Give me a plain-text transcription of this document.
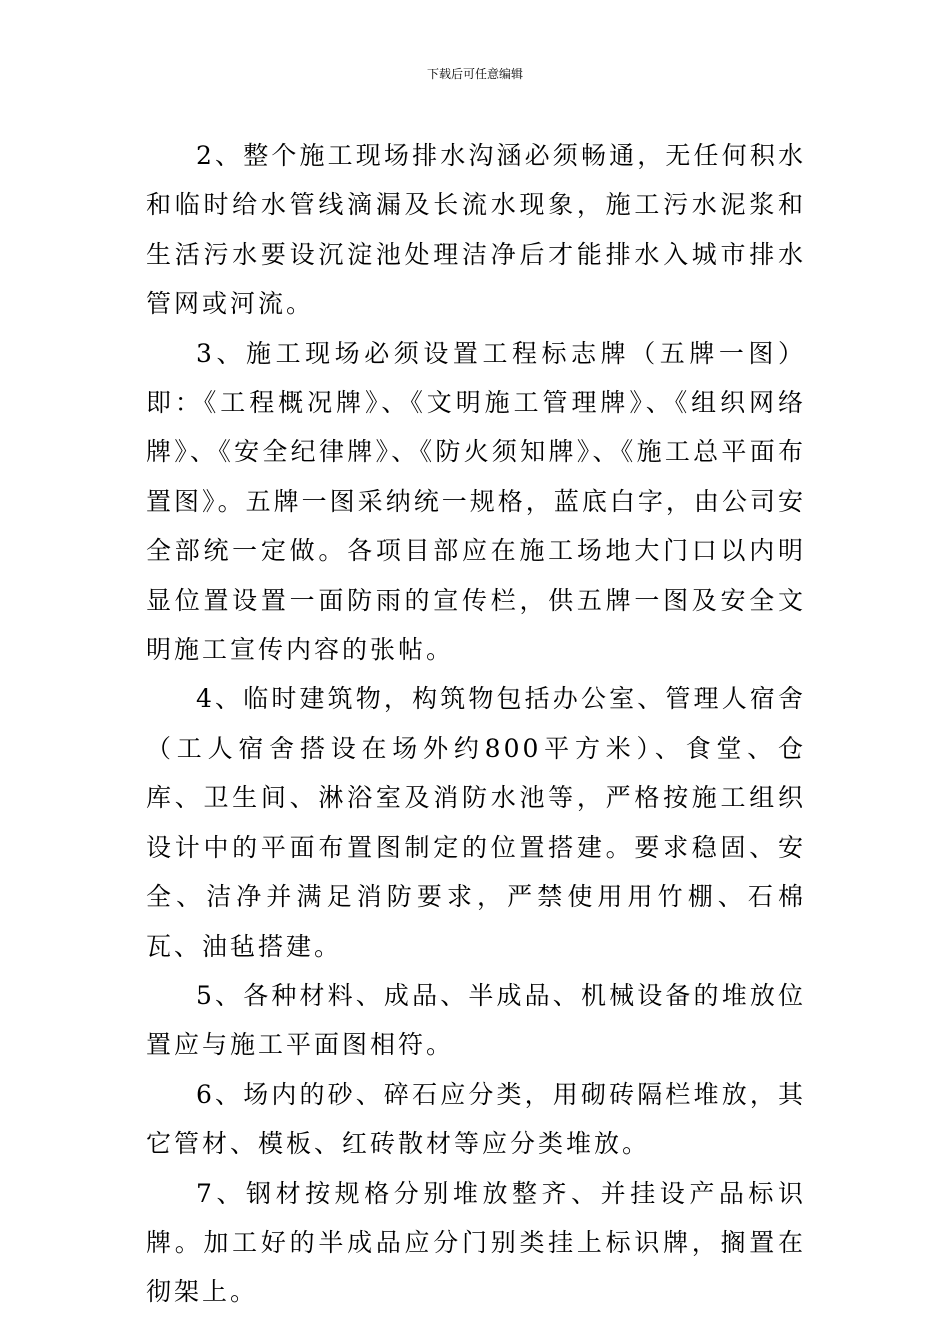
下载后可任意编辑

2、整个施工现场排水沟涵必须畅通，无任何积水和临时给水管线滴漏及长流水现象，施工污水泥浆和生活污水要设沉淀池处理洁净后才能排水入城市排水管网或河流。

3、施工现场必须设置工程标志牌（五牌一图）即：《工程概况牌》、《文明施工管理牌》、《组织网络牌》、《安全纪律牌》、《防火须知牌》、《施工总平面布置图》。五牌一图采纳统一规格，蓝底白字，由公司安全部统一定做。各项目部应在施工场地大门口以内明显位置设置一面防雨的宣传栏，供五牌一图及安全文明施工宣传内容的张帖。

4、临时建筑物，构筑物包括办公室、管理人宿舍（工人宿舍搭设在场外约800平方米）、食堂、仓库、卫生间、淋浴室及消防水池等，严格按施工组织设计中的平面布置图制定的位置搭建。要求稳固、安全、洁净并满足消防要求，严禁使用用竹棚、石棉瓦、油毡搭建。

5、各种材料、成品、半成品、机械设备的堆放位置应与施工平面图相符。

6、场内的砂、碎石应分类，用砌砖隔栏堆放，其它管材、模板、红砖散材等应分类堆放。

7、钢材按规格分别堆放整齐、并挂设产品标识牌。加工好的半成品应分门别类挂上标识牌，搁置在彻架上。
